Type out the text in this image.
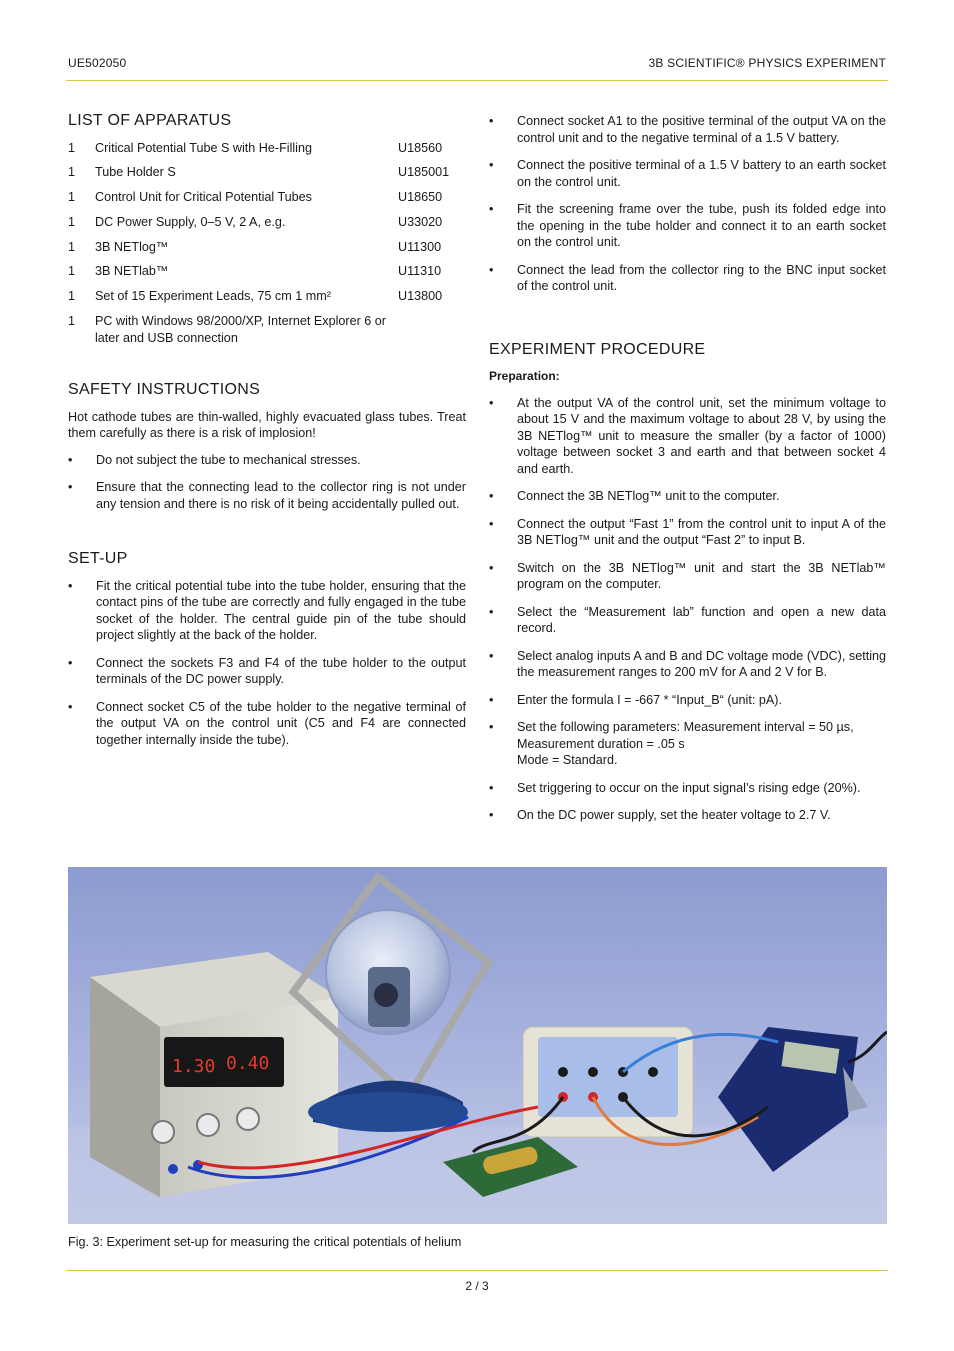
UE502050	3B SCIENTIFIC® PHYSICS EXPERIMENT
LIST OF APPARATUS
1	Critical Potential Tube S with He-Filling	U18560
1	Tube Holder S	U185001
1	Control Unit for Critical Potential Tubes	U18650
1	DC Power Supply, 0–5 V, 2 A, e.g.	U33020
1	3B NETlog™	U11300
1	3B NETlab™	U11310
1	Set of 15 Experiment Leads, 75 cm 1 mm²	U13800
1	PC with Windows 98/2000/XP, Internet Explorer 6 or later and USB connection
SAFETY INSTRUCTIONS

Hot cathode tubes are thin-walled, highly evacuated glass tubes. Treat them carefully as there is a risk of implosion!

• Do not subject the tube to mechanical stresses.
• Ensure that the connecting lead to the collector ring is not under any tension and there is no risk of it being accidentally pulled out.
SET-UP
• Fit the critical potential tube into the tube holder, ensuring that the contact pins of the tube are correctly and fully engaged in the tube socket of the holder. The central guide pin of the tube should project slightly at the back of the holder.
• Connect the sockets F3 and F4 of the tube holder to the output terminals of the DC power supply.
• Connect socket C5 of the tube holder to the negative terminal of the output VA on the control unit (C5 and F4 are connected together internally inside the tube).
• Connect socket A1 to the positive terminal of the output VA on the control unit and to the negative terminal of a 1.5 V battery.
• Connect the positive terminal of a 1.5 V battery to an earth socket on the control unit.
• Fit the screening frame over the tube, push its folded edge into the opening in the tube holder and connect it to an earth socket on the control unit.
• Connect the lead from the collector ring to the BNC input socket of the control unit.
EXPERIMENT PROCEDURE
Preparation:
• At the output VA of the control unit, set the minimum voltage to about 15 V and the maximum voltage to about 28 V, by using the 3B NETlog™ unit to measure the smaller (by a factor of 1000) voltage between socket 3 and earth and that between socket 4 and earth.
• Connect the 3B NETlog™ unit to the computer.
• Connect the output “Fast 1” from the control unit to input A of the 3B NETlog™ unit and the output “Fast 2” to input B.
• Switch on the 3B NETlog™ unit and start the 3B NETlab™ program on the computer.
• Select the “Measurement lab” function and open a new data record.
• Select analog inputs A and B and DC voltage mode (VDC), setting the measurement ranges to 200 mV for A and 2 V for B.
• Enter the formula I = -667 * “Input_B“ (unit: pA).
• Set the following parameters: Measurement interval = 50 µs,
Measurement duration = .05 s
Mode = Standard.
• Set triggering to occur on the input signal’s rising edge (20%).
• On the DC power supply, set the heater voltage to 2.7 V.
1.30 0.40
Fig. 3: Experiment set-up for measuring the critical potentials of helium
2 / 3
